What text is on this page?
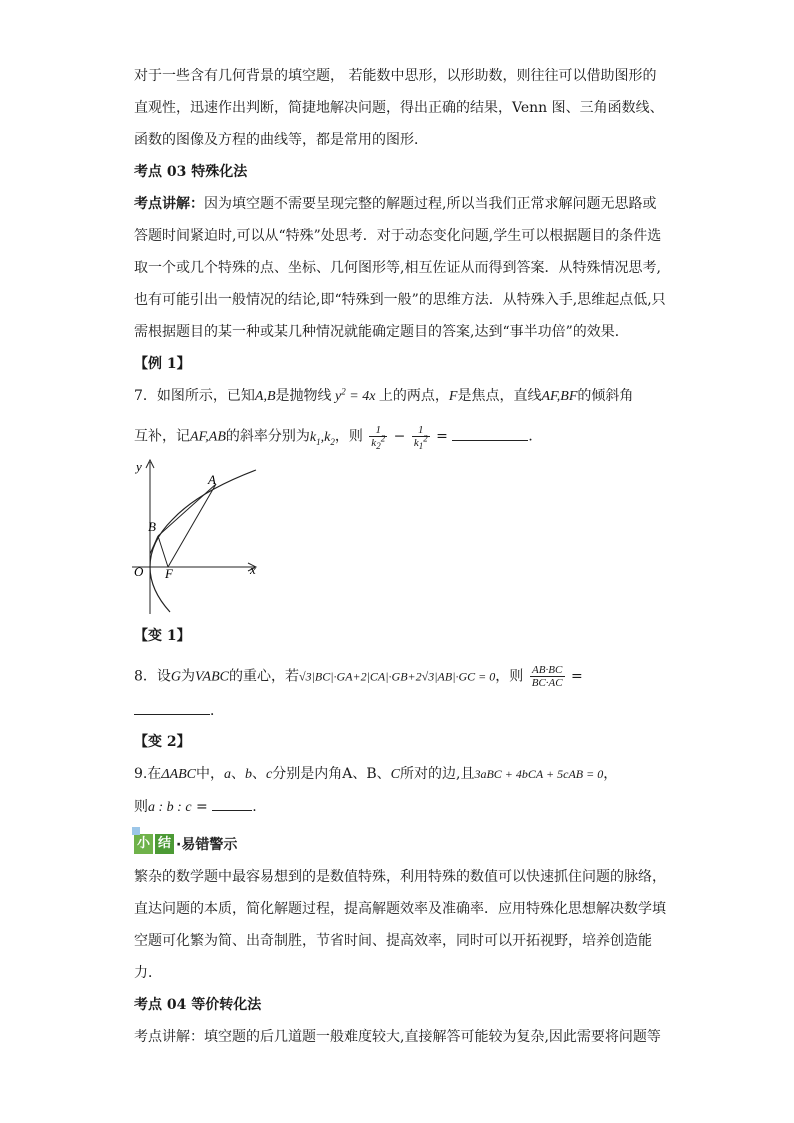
对于一些含有几何背景的填空题， 若能数中思形，以形助数，则往往可以借助图形的
直观性，迅速作出判断，简捷地解决问题，得出正确的结果，Venn 图、三角函数线、
函数的图像及方程的曲线等，都是常用的图形．
考点 03 特殊化法
考点讲解：因为填空题不需要呈现完整的解题过程,所以当我们正常求解问题无思路或
答题时间紧迫时,可以从“特殊”处思考．对于动态变化问题,学生可以根据题目的条件选
取一个或几个特殊的点、坐标、几何图形等,相互佐证从而得到答案．从特殊情况思考,
也有可能引出一般情况的结论,即“特殊到一般”的思维方法．从特殊入手,思维起点低,只
需根据题目的某一种或某几种情况就能确定题目的答案,达到“事半功倍”的效果．
【例 1】
7．如图所示，已知A,B是抛物线 $y^2 = 4x$ 上的两点，F是焦点，直线AF,BF的倾斜角
互补，记AF,AB的斜率分别为$k_1,k_2$，则 $\frac{1}{k_2^2} - \frac{1}{k_1^2}$ =	．
y
x
O F
A
B
【变 1】
8．设G为VABC的重心，若√3|BC|·GA+2|CA|·GB+2√3|AB|·GC = 0，则 $\frac{AB\cdot BC}{BC\cdot AC}$ =
．
【变 2】
9.在ΔABC中，a、b、c分别是内角A、B、C所对的边,且3aBC + 4bCA + 5cAB = 0，
则a : b : c =	.
小 结 ·易错警示
繁杂的数学题中最容易想到的是数值特殊，利用特殊的数值可以快速抓住问题的脉络，
直达问题的本质，简化解题过程，提高解题效率及准确率．应用特殊化思想解决数学填
空题可化繁为简、出奇制胜，节省时间、提高效率，同时可以开拓视野，培养创造能
力．
考点 04 等价转化法
考点讲解：填空题的后几道题一般难度较大,直接解答可能较为复杂,因此需要将问题等
